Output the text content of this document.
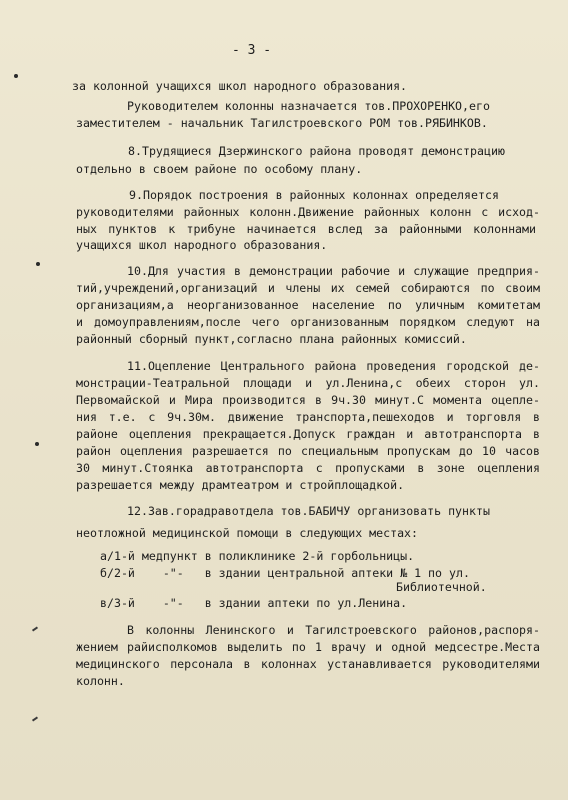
- 3 -
за колонной учащихся школ народного образования.
Руководителем колонны назначается тов.ПРОХОРЕНКО,его
заместителем - начальник Тагилстроевского РОМ тов.РЯБИНКОВ.
8.Трудящиеся Дзержинского района проводят демонстрацию
отдельно в своем районе по особому плану.
9.Порядок построения в районных колоннах определяется
руководителями районных колонн.Движение районных колонн с исход-
ных пунктов к трибуне начинается вслед за районными колоннами
учащихся школ народного образования.
10.Для участия в демонстрации рабочие и служащие предприя-
тий,учреждений,организаций и члены их семей собираются по своим
организациям,а неорганизованное население по уличным комитетам
и домоуправлениям,после чего организованным порядком следуют на
районный сборный пункт,согласно плана районных комиссий.
11.Оцепление Центрального района проведения городской де-
монстрации-Театральной площади и ул.Ленина,с обеих сторон ул.
Первомайской и Мира производится в 9ч.30 минут.С момента оцепле-
ния т.е. с 9ч.30м. движение транспорта,пешеходов и торговля в
районе оцепления прекращается.Допуск граждан и автотранспорта в
район оцепления разрешается по специальным пропускам до 10 часов
30 минут.Стоянка автотранспорта с пропусками в зоне оцепления
разрешается между драмтеатром и стройплощадкой.
12.Зав.горадравотдела тов.БАБИЧУ организовать пункты
неотложной медицинской помощи в следующих местах:
а/1-й медпункт в поликлинике 2-й горбольницы.
б/2-й    -"-   в здании центральной аптеки № 1 по ул.
Библиотечной.
в/3-й    -"-   в здании аптеки по ул.Ленина.
В колонны Ленинского и Тагилстроевского районов,распоря-
жением райисполкомов выделить по 1 врачу и одной медсестре.Места
медицинского персонала в колоннах устанавливается руководителями
колонн.
